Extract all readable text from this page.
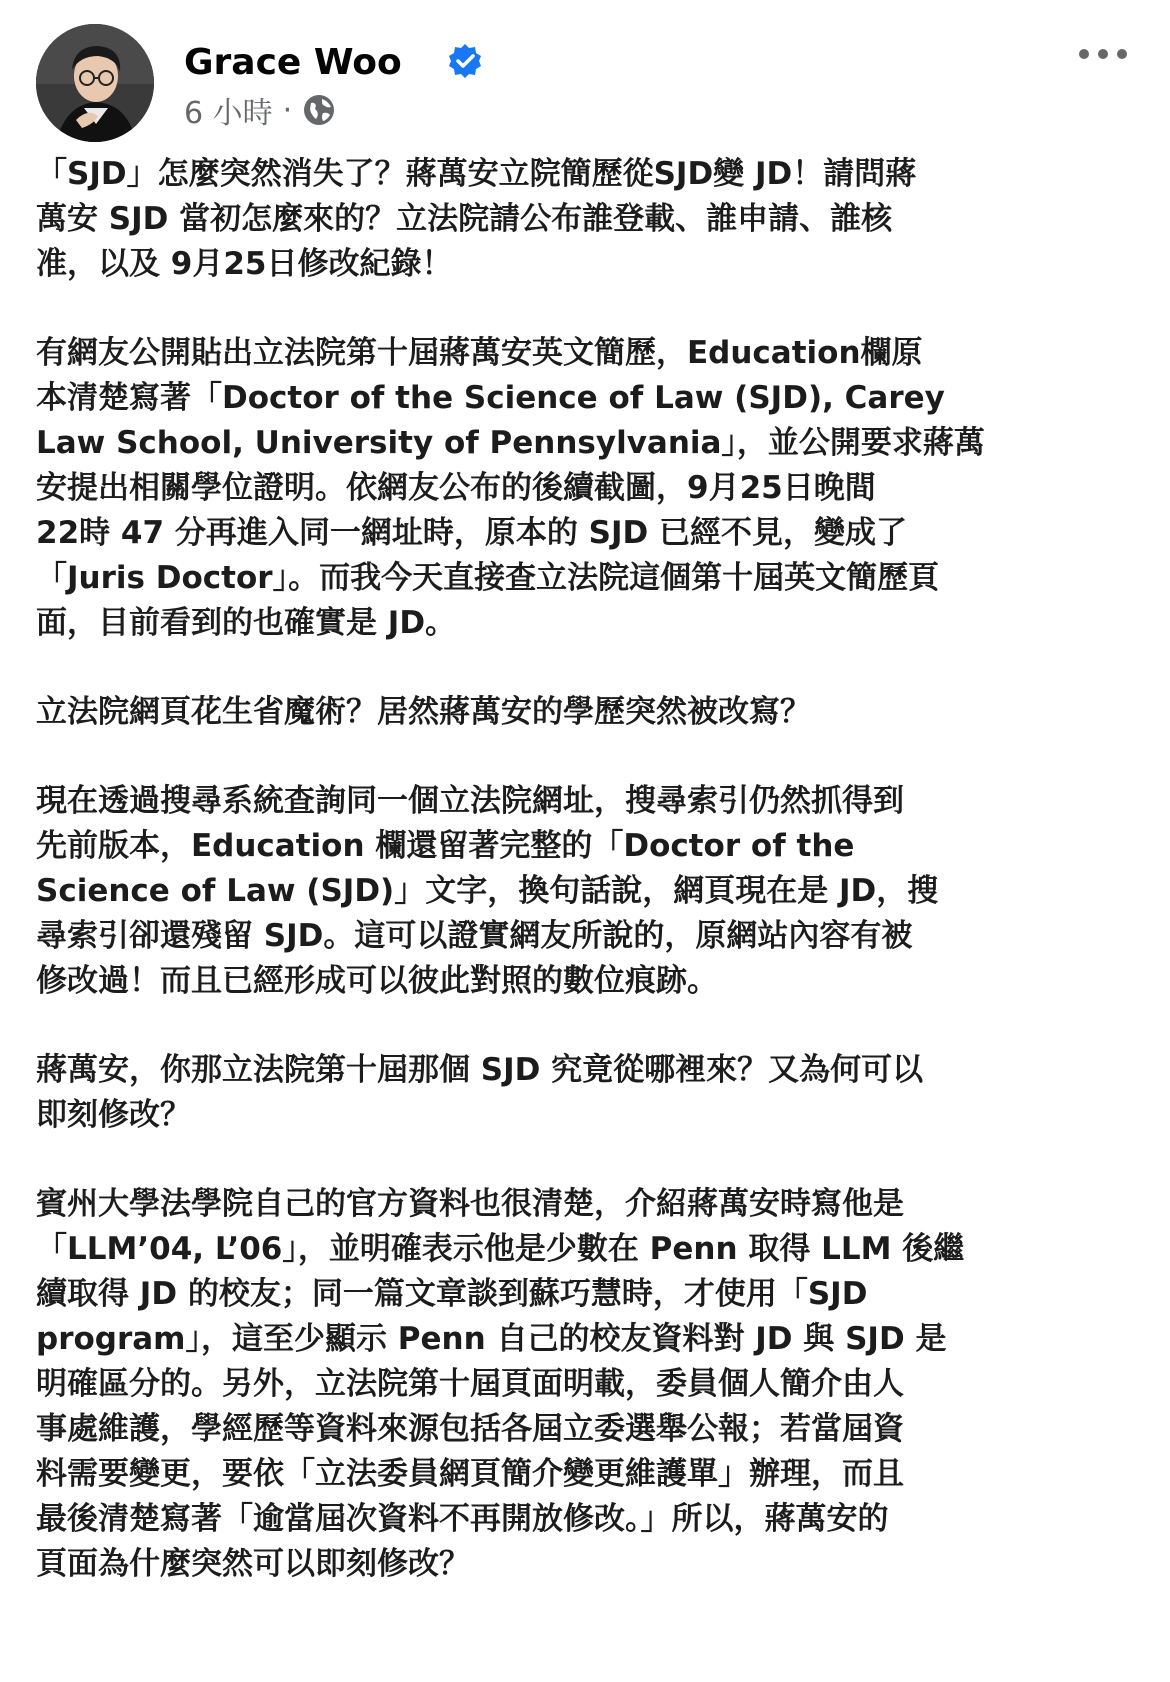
Grace Woo
6 小時 ·

「SJD」怎麼突然消失了？蔣萬安立院簡歷從SJD變 JD！請問蔣
萬安 SJD 當初怎麼來的？立法院請公布誰登載、誰申請、誰核
准，以及 9月25日修改紀錄！

有網友公開貼出立法院第十屆蔣萬安英文簡歷，Education欄原
本清楚寫著「Doctor of the Science of Law (SJD), Carey
Law School, University of Pennsylvania」，並公開要求蔣萬
安提出相關學位證明。依網友公布的後續截圖，9月25日晚間
22時 47 分再進入同一網址時，原本的 SJD 已經不見，變成了
「Juris Doctor」。而我今天直接查立法院這個第十屆英文簡歷頁
面，目前看到的也確實是 JD。

立法院網頁花生省魔術？居然蔣萬安的學歷突然被改寫？

現在透過搜尋系統查詢同一個立法院網址，搜尋索引仍然抓得到
先前版本，Education 欄還留著完整的「Doctor of the
Science of Law (SJD)」文字，換句話說，網頁現在是 JD，搜
尋索引卻還殘留 SJD。這可以證實網友所說的，原網站內容有被
修改過！而且已經形成可以彼此對照的數位痕跡。

蔣萬安，你那立法院第十屆那個 SJD 究竟從哪裡來？又為何可以
即刻修改？

賓州大學法學院自己的官方資料也很清楚，介紹蔣萬安時寫他是
「LLM’04, L’06」，並明確表示他是少數在 Penn 取得 LLM 後繼
續取得 JD 的校友；同一篇文章談到蘇巧慧時，才使用「SJD
program」，這至少顯示 Penn 自己的校友資料對 JD 與 SJD 是
明確區分的。另外，立法院第十屆頁面明載，委員個人簡介由人
事處維護，學經歷等資料來源包括各屆立委選舉公報；若當屆資
料需要變更，要依「立法委員網頁簡介變更維護單」辦理，而且
最後清楚寫著「逾當屆次資料不再開放修改。」所以，蔣萬安的
頁面為什麼突然可以即刻修改？
